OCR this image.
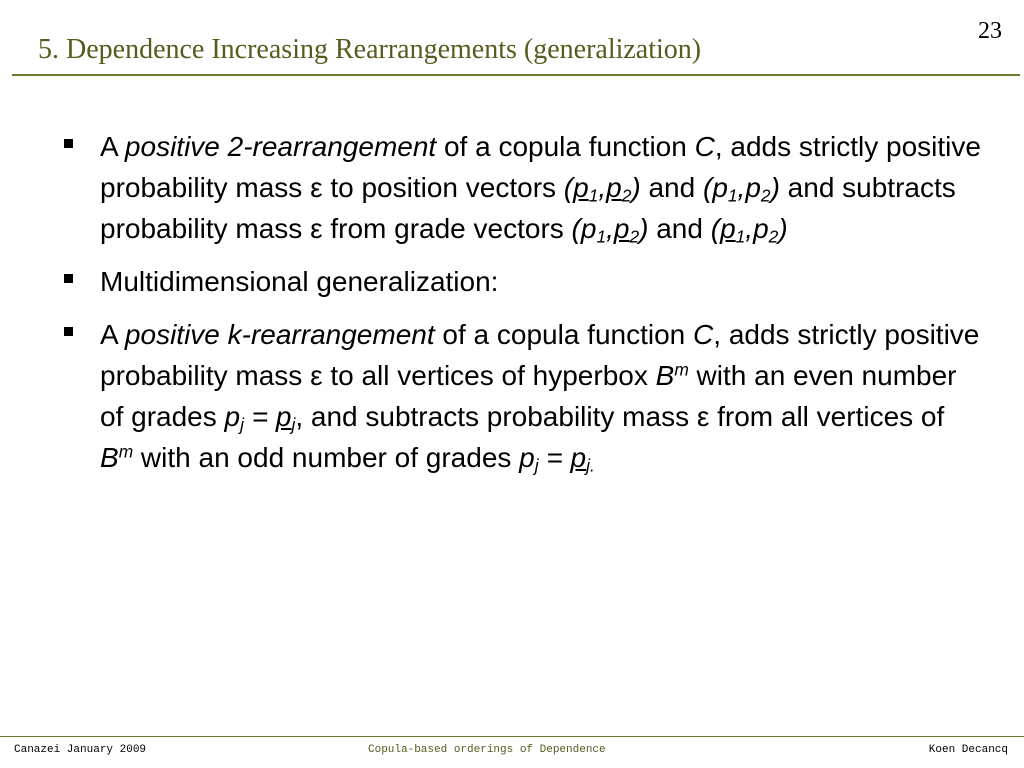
23
5. Dependence Increasing Rearrangements (generalization)
A positive 2-rearrangement of a copula function C, adds strictly positive probability mass ε to position vectors $(p_1,p_2)$ and $(p_1,p_2)$ and subtracts probability mass ε from grade vectors $(p_1,p_2)$ and $(p_1,p_2)$
Multidimensional generalization:
A positive k-rearrangement of a copula function C, adds strictly positive probability mass ε to all vertices of hyperbox $B^m$ with an even number of grades $p_j = p_j$, and subtracts probability mass ε from all vertices of $B^m$ with an odd number of grades $p_j = p_{j.}$
Canazei January 2009	Copula-based orderings of Dependence	Koen Decancq
